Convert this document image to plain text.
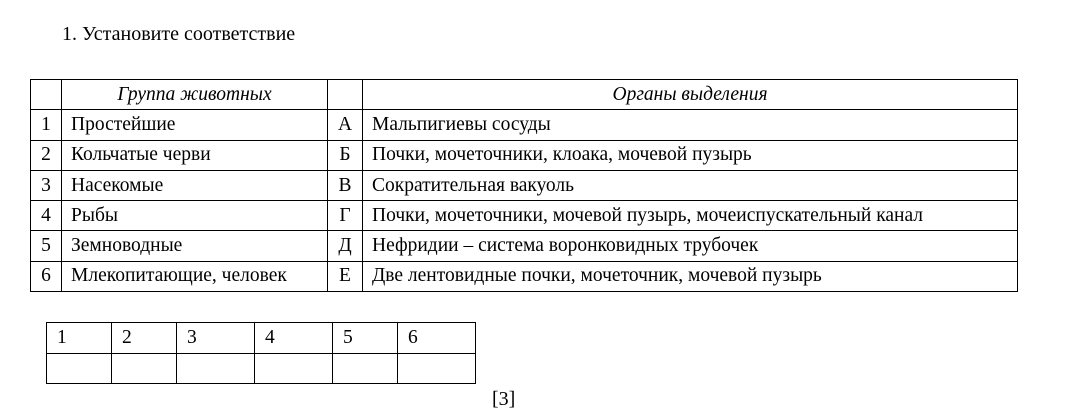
1. Установите соответствие
	Группа животных		Органы выделения
1	Простейшие	А	Мальпигиевы сосуды
2	Кольчатые черви	Б	Почки, мочеточники, клоака, мочевой пузырь
3	Насекомые	В	Сократительная вакуоль
4	Рыбы	Г	Почки, мочеточники, мочевой пузырь, мочеиспускательный канал
5	Земноводные	Д	Нефридии – система воронковидных трубочек
6	Млекопитающие, человек	Е	Две лентовидные почки, мочеточник, мочевой пузырь
1	2	3	4	5	6

[3]
